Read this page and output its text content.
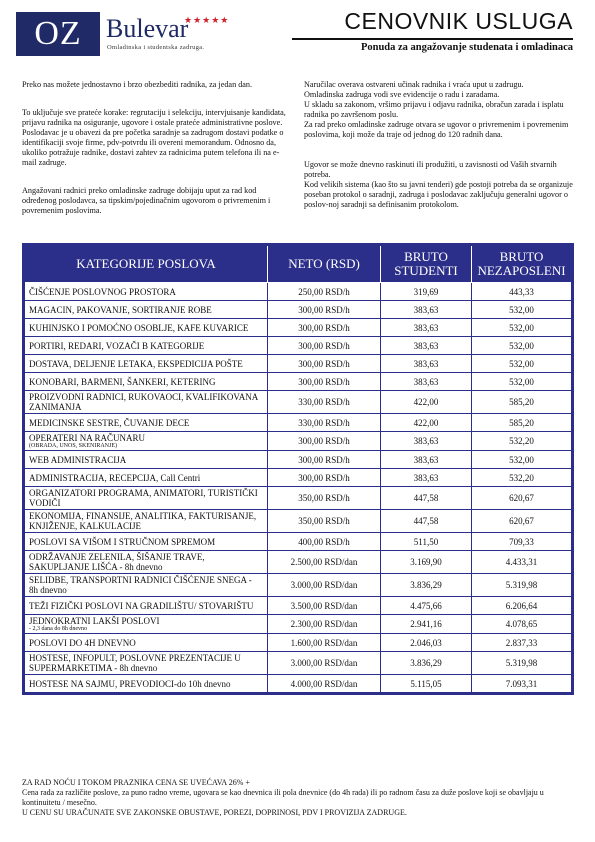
OZ Bulevar
★★★★★
Omladinska i studentska zadruga.
CENOVNIK USLUGA
Ponuda za angažovanje studenata i omladinaca

Preko nas možete jednostavno i brzo obezbediti radnika, za jedan dan.

To uključuje sve prateće korake: regrutaciju i selekciju, intervjuisanje kandidata, prijavu radnika na osiguranje, ugovore i ostale prateće administrativne poslove.
Poslodavac je u obavezi da pre početka saradnje sa zadrugom dostavi podatke o identifikaciji svoje firme, pdv-potvrdu ili overeni memorandum. Odnosno da, ukoliko potražuje radnike, dostavi zahtev za radnicima putem telefona ili na e-mail zadruge.

Angažovani radnici preko omladinske zadruge dobijaju uput za rad kod određenog poslodavca, sa tipskim/pojedinačnim ugovorom o privremenim i povremenim poslovima.

Naručilac overava ostvareni učinak radnika i vraća uput u zadrugu.
Omladinska zadruga vodi sve evidencije o radu i zaradama.
U skladu sa zakonom, vršimo prijavu i odjavu radnika, obračun zarada i isplatu radnika po završenom poslu.
Za rad preko omladinske zadruge otvara se ugovor o privremenim i povremenim poslovima, koji može da traje od jednog do 120 radnih dana.

Ugovor se može dnevno raskinuti ili produžiti, u zavisnosti od Vaših stvarnih potreba.
Kod velikih sistema (kao što su javni tenderi) gde postoji potreba da se organizuje poseban protokol o saradnji, zadruga i poslodavac zaključuju generalni ugovor o poslov-noj saradnji sa definisanim protokolom.

KATEGORIJE POSLOVA	NETO (RSD)	BRUTO STUDENTI	BRUTO NEZAPOSLENI
ČIŠĆENJE POSLOVNOG PROSTORA	250,00 RSD/h	319,69	443,33
MAGACIN, PAKOVANJE, SORTIRANJE ROBE	300,00 RSD/h	383,63	532,00
KUHINJSKO I POMOĆNO OSOBLJE, KAFE KUVARICE	300,00 RSD/h	383,63	532,00
PORTIRI, REDARI, VOZAČI B KATEGORIJE	300,00 RSD/h	383,63	532,00
DOSTAVA, DELJENJE LETAKA, EKSPEDICIJA POŠTE	300,00 RSD/h	383,63	532,00
KONOBARI, BARMENI, ŠANKERI, KETERING	300,00 RSD/h	383,63	532,00
PROIZVODNI RADNICI, RUKOVAOCI, KVALIFIKOVANA ZANIMANJA	330,00 RSD/h	422,00	585,20
MEDICINSKE SESTRE, ČUVANJE DECE	330,00 RSD/h	422,00	585,20
OPERATERI NA RAČUNARU
(OBRADA, UNOS, SKENIRANJE)	300,00 RSD/h	383,63	532,20
WEB ADMINISTRACIJA	300,00 RSD/h	383,63	532,00
ADMINISTRACIJA, RECEPCIJA, Call Centri	300,00 RSD/h	383,63	532,20
ORGANIZATORI PROGRAMA, ANIMATORI, TURISTIČKI VODIČI	350,00 RSD/h	447,58	620,67
EKONOMIJA, FINANSIJE, ANALITIKA, FAKTURISANJE, KNJIŽENJE, KALKULACIJE	350,00 RSD/h	447,58	620,67
POSLOVI SA VIŠOM I STRUČNOM SPREMOM	400,00 RSD/h	511,50	709,33
ODRŽAVANJE ZELENILA, ŠIŠANJE TRAVE, SAKUPLJANJE LIŠĆA - 8h dnevno	2.500,00 RSD/dan	3.169,90	4.433,31
SELIDBE, TRANSPORTNI RADNICI ČIŠĆENJE SNEGA - 8h dnevno	3.000,00 RSD/dan	3.836,29	5.319,98
TEŽI FIZIČKI POSLOVI NA GRADILIŠTU/ STOVARIŠTU	3.500,00 RSD/dan	4.475,66	6.206,64
JEDNOKRATNI LAKŠI POSLOVI
- 2,3 dana do 8h dnevno	2.300,00 RSD/dan	2.941,16	4.078,65
POSLOVI DO 4H DNEVNO	1.600,00 RSD/dan	2.046,03	2.837,33
HOSTESE, INFOPULT, POSLOVNE PREZENTACIJE U SUPERMARKETIMA - 8h dnevno	3.000,00 RSD/dan	3.836,29	5.319,98
HOSTESE NA SAJMU, PREVODIOCI-do 10h dnevno	4.000,00 RSD/dan	5.115,05	7.093,31
ZA RAD NOĆU I TOKOM PRAZNIKA CENA SE UVEĆAVA 26% +
Cena rada za različite poslove, za puno radno vreme, ugovara se kao dnevnica ili pola dnevnice (do 4h rada) ili po radnom času za duže poslove koji se obavljaju u kontinuitetu / mesečno.
U CENU SU URAČUNATE SVE ZAKONSKE OBUSTAVE, POREZI, DOPRINOSI, PDV I PROVIZIJA ZADRUGE.
